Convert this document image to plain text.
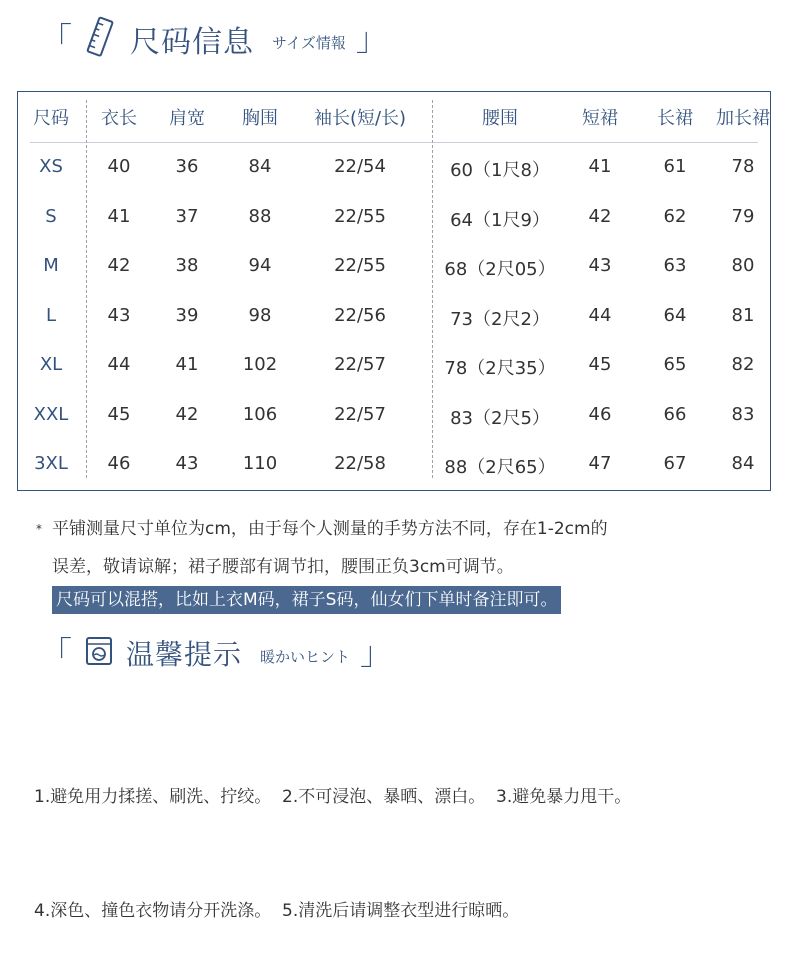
「 尺码信息 サイズ情報 」
尺码 衣长 肩宽 胸围 袖长(短/长)	腰围	短裙 长裙 加长裙
XS 40	36	84	22/54	60（1尺8） 41	61	78
S	41	37	88	22/55	64（1尺9） 42	62	79
M	42	38	94	22/55	68（2尺05） 43	63	80
L	43	39	98	22/56	73（2尺2） 44	64	81
XL	44	41 102	22/57	78（2尺35） 45	65	82
XXL 45	42 106	22/57	83（2尺5） 46	66	83
3XL 46	43 110	22/58	88（2尺65） 47	67	84
* 平铺测量尺寸单位为cm，由于每个人测量的手势方法不同，存在1-2cm的
误差，敬请谅解；裙子腰部有调节扣，腰围正负3cm可调节。
尺码可以混搭，比如上衣M码，裙子S码，仙女们下单时备注即可。
「 温馨提示 暖かいヒント 」

1.避免用力揉搓、刷洗、拧绞。  2.不可浸泡、暴晒、漂白。  3.避免暴力甩干。

4.深色、撞色衣物请分开洗涤。  5.清洗后请调整衣型进行晾晒。
